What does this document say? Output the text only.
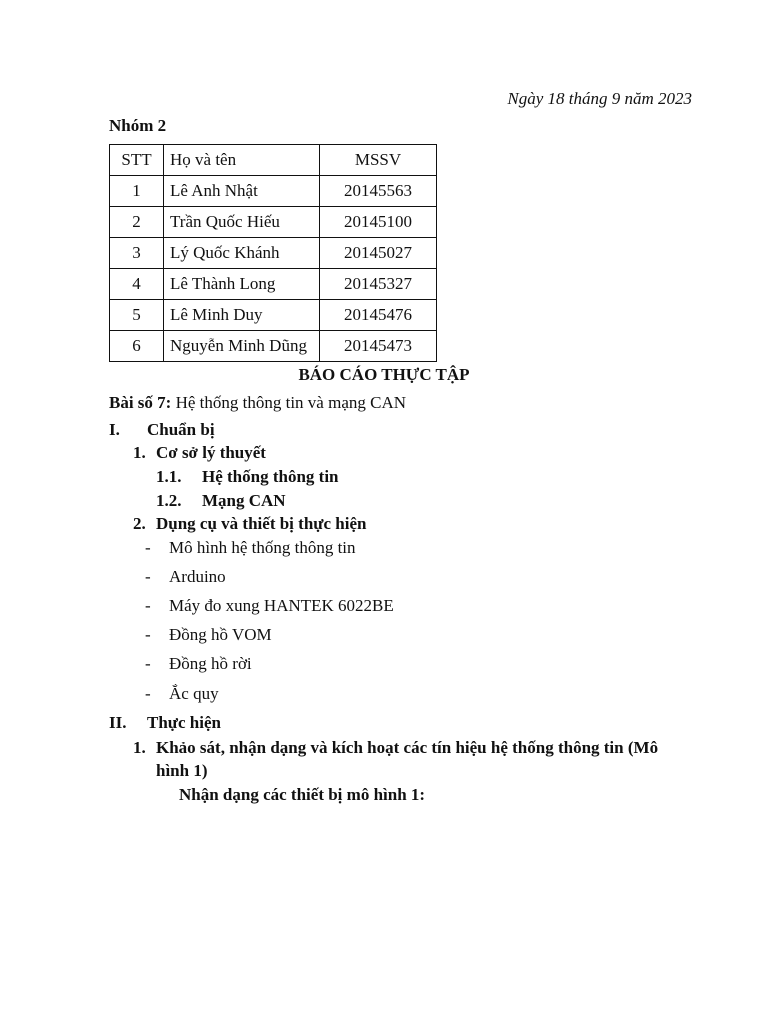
Ngày 18 tháng 9 năm 2023
Nhóm 2
STT	Họ và tên	MSSV
1	Lê Anh Nhật	20145563
2	Trần Quốc Hiếu	20145100
3	Lý Quốc Khánh	20145027
4	Lê Thành Long	20145327
5	Lê Minh Duy	20145476
6	Nguyễn Minh Dũng	20145473
BÁO CÁO THỰC TẬP
Bài số 7: Hệ thống thông tin và mạng CAN
I. Chuẩn bị
1. Cơ sở lý thuyết
1.1. Hệ thống thông tin
1.2. Mạng CAN
2. Dụng cụ và thiết bị thực hiện
- Mô hình hệ thống thông tin
- Arduino
- Máy đo xung HANTEK 6022BE
- Đồng hồ VOM
- Đồng hồ rời
- Ắc quy
II. Thực hiện
1. Khảo sát, nhận dạng và kích hoạt các tín hiệu hệ thống thông tin (Mô
hình 1)
Nhận dạng các thiết bị mô hình 1:
